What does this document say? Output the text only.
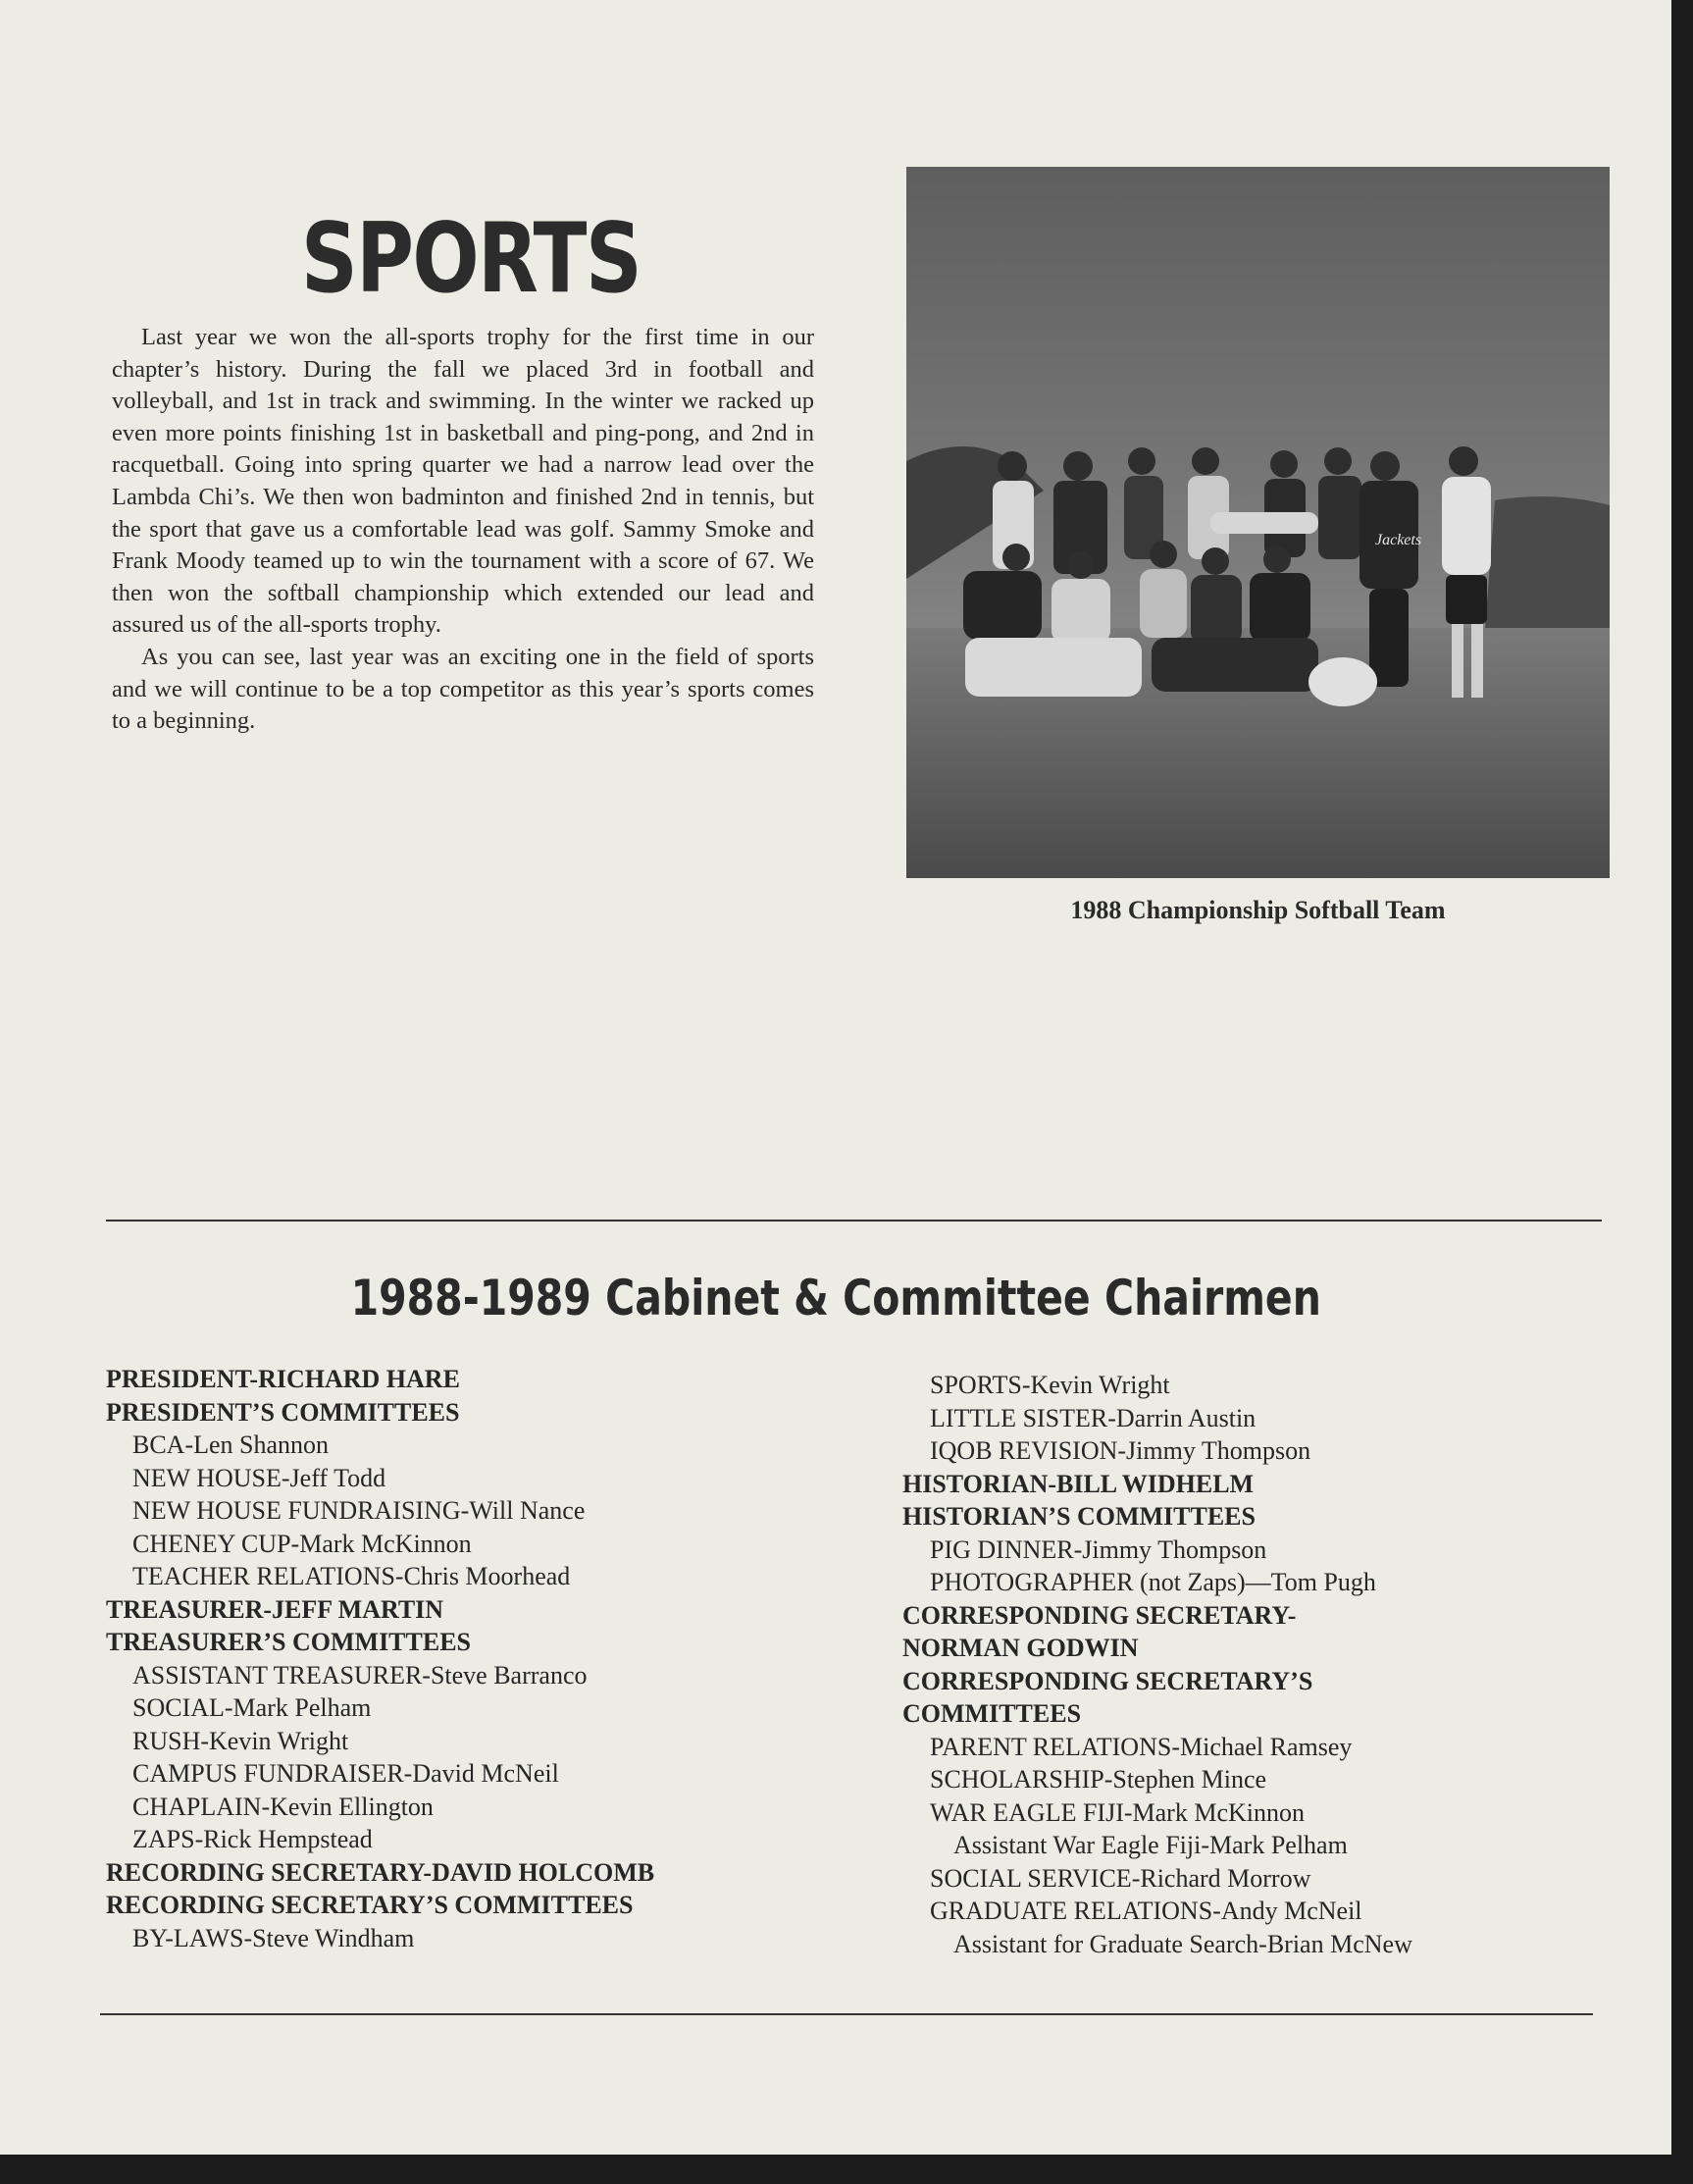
SPORTS

Last year we won the all-sports trophy for the first time in our chapter’s history. During the fall we placed 3rd in football and volleyball, and 1st in track and swimming. In the winter we racked up even more points finishing 1st in basketball and ping-pong, and 2nd in racquetball. Going into spring quarter we had a narrow lead over the Lambda Chi’s. We then won badminton and finished 2nd in tennis, but the sport that gave us a comfortable lead was golf. Sammy Smoke and Frank Moody teamed up to win the tournament with a score of 67. We then won the softball championship which extended our lead and assured us of the all-sports trophy.

As you can see, last year was an exciting one in the field of sports and we will continue to be a top competitor as this year’s sports comes to a beginning.

Jackets
1988 Championship Softball Team
1988-1989 Cabinet & Committee Chairmen
PRESIDENT-RICHARD HARE
PRESIDENT’S COMMITTEES
BCA-Len Shannon
NEW HOUSE-Jeff Todd
NEW HOUSE FUNDRAISING-Will Nance
CHENEY CUP-Mark McKinnon
TEACHER RELATIONS-Chris Moorhead
TREASURER-JEFF MARTIN
TREASURER’S COMMITTEES
ASSISTANT TREASURER-Steve Barranco
SOCIAL-Mark Pelham
RUSH-Kevin Wright
CAMPUS FUNDRAISER-David McNeil
CHAPLAIN-Kevin Ellington
ZAPS-Rick Hempstead
RECORDING SECRETARY-DAVID HOLCOMB
RECORDING SECRETARY’S COMMITTEES
BY-LAWS-Steve Windham
SPORTS-Kevin Wright
LITTLE SISTER-Darrin Austin
IQOB REVISION-Jimmy Thompson
HISTORIAN-BILL WIDHELM
HISTORIAN’S COMMITTEES
PIG DINNER-Jimmy Thompson
PHOTOGRAPHER (not Zaps)—Tom Pugh
CORRESPONDING SECRETARY-
NORMAN GODWIN
CORRESPONDING SECRETARY’S
COMMITTEES
PARENT RELATIONS-Michael Ramsey
SCHOLARSHIP-Stephen Mince
WAR EAGLE FIJI-Mark McKinnon
Assistant War Eagle Fiji-Mark Pelham
SOCIAL SERVICE-Richard Morrow
GRADUATE RELATIONS-Andy McNeil
Assistant for Graduate Search-Brian McNew
